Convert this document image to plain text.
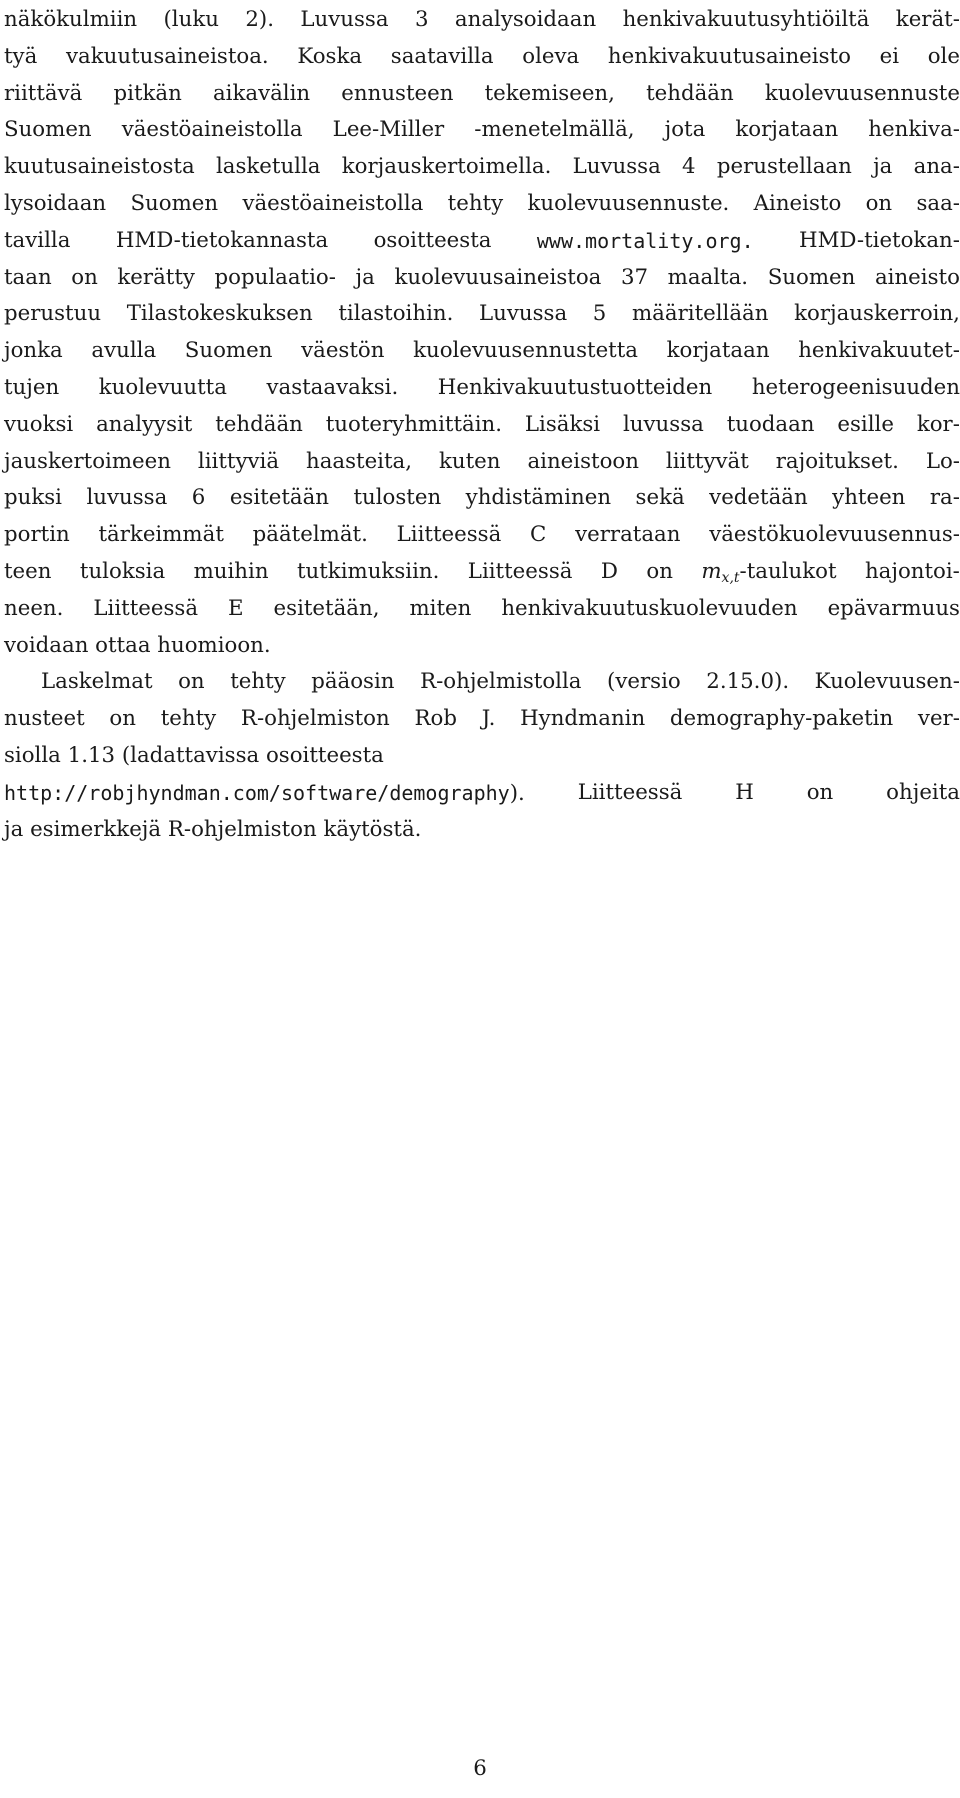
näkökulmiin (luku 2). Luvussa 3 analysoidaan henkivakuutusyhtiöiltä kerät-
tyä vakuutusaineistoa. Koska saatavilla oleva henkivakuutusaineisto ei ole
riittävä pitkän aikavälin ennusteen tekemiseen, tehdään kuolevuusennuste
Suomen väestöaineistolla Lee-Miller -menetelmällä, jota korjataan henkiva-
kuutusaineistosta lasketulla korjauskertoimella. Luvussa 4 perustellaan ja ana-
lysoidaan Suomen väestöaineistolla tehty kuolevuusennuste. Aineisto on saa-
tavilla HMD-tietokannasta osoitteesta www.mortality.org. HMD-tietokan-
taan on kerätty populaatio- ja kuolevuusaineistoa 37 maalta. Suomen aineisto
perustuu Tilastokeskuksen tilastoihin. Luvussa 5 määritellään korjauskerroin,
jonka avulla Suomen väestön kuolevuusennustetta korjataan henkivakuutet-
tujen kuolevuutta vastaavaksi. Henkivakuutustuotteiden heterogeenisuuden
vuoksi analyysit tehdään tuoteryhmittäin. Lisäksi luvussa tuodaan esille kor-
jauskertoimeen liittyviä haasteita, kuten aineistoon liittyvät rajoitukset. Lo-
puksi luvussa 6 esitetään tulosten yhdistäminen sekä vedetään yhteen ra-
portin tärkeimmät päätelmät. Liitteessä C verrataan väestökuolevuusennus-
teen tuloksia muihin tutkimuksiin. Liitteessä D on $m_{x,t}$-taulukot hajontoi-
neen. Liitteessä E esitetään, miten henkivakuutuskuolevuuden epävarmuus
voidaan ottaa huomioon.
Laskelmat on tehty pääosin R-ohjelmistolla (versio 2.15.0). Kuolevuusen-
nusteet on tehty R-ohjelmiston Rob J. Hyndmanin demography-paketin ver-
siolla 1.13 (ladattavissa osoitteesta
http://robjhyndman.com/software/demography). Liitteessä H on ohjeita
ja esimerkkejä R-ohjelmiston käytöstä.
6
